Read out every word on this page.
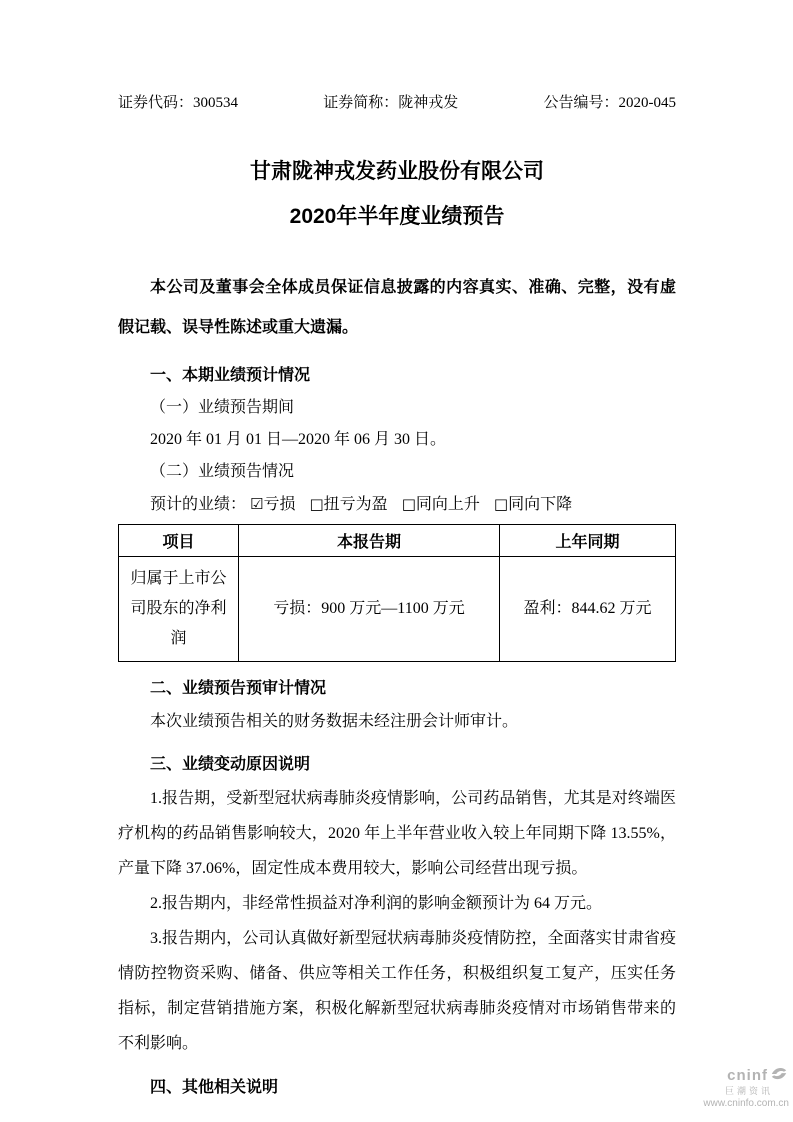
证券代码：300534	证券简称：陇神戎发	公告编号：2020-045

甘肃陇神戎发药业股份有限公司

2020年半年度业绩预告

本公司及董事会全体成员保证信息披露的内容真实、准确、完整，没有虚假记载、误导性陈述或重大遗漏。

一、本期业绩预计情况

（一）业绩预告期间

2020 年 01 月 01 日—2020 年 06 月 30 日。

（二）业绩预告情况

预计的业绩： ☑亏损 □扭亏为盈 □同向上升 □同向下降

项目	本报告期	上年同期
归属于上市公司股东的净利润	亏损：900 万元—1100 万元	盈利：844.62 万元

二、业绩预告预审计情况

本次业绩预告相关的财务数据未经注册会计师审计。

三、业绩变动原因说明

1.报告期，受新型冠状病毒肺炎疫情影响，公司药品销售，尤其是对终端医疗机构的药品销售影响较大，2020 年上半年营业收入较上年同期下降 13.55%，产量下降 37.06%，固定性成本费用较大，影响公司经营出现亏损。

2.报告期内，非经常性损益对净利润的影响金额预计为 64 万元。

3.报告期内，公司认真做好新型冠状病毒肺炎疫情防控，全面落实甘肃省疫情防控物资采购、储备、供应等相关工作任务，积极组织复工复产，压实任务指标，制定营销措施方案，积极化解新型冠状病毒肺炎疫情对市场销售带来的不利影响。

四、其他相关说明

cninf
巨潮资讯
www.cninfo.com.cn
